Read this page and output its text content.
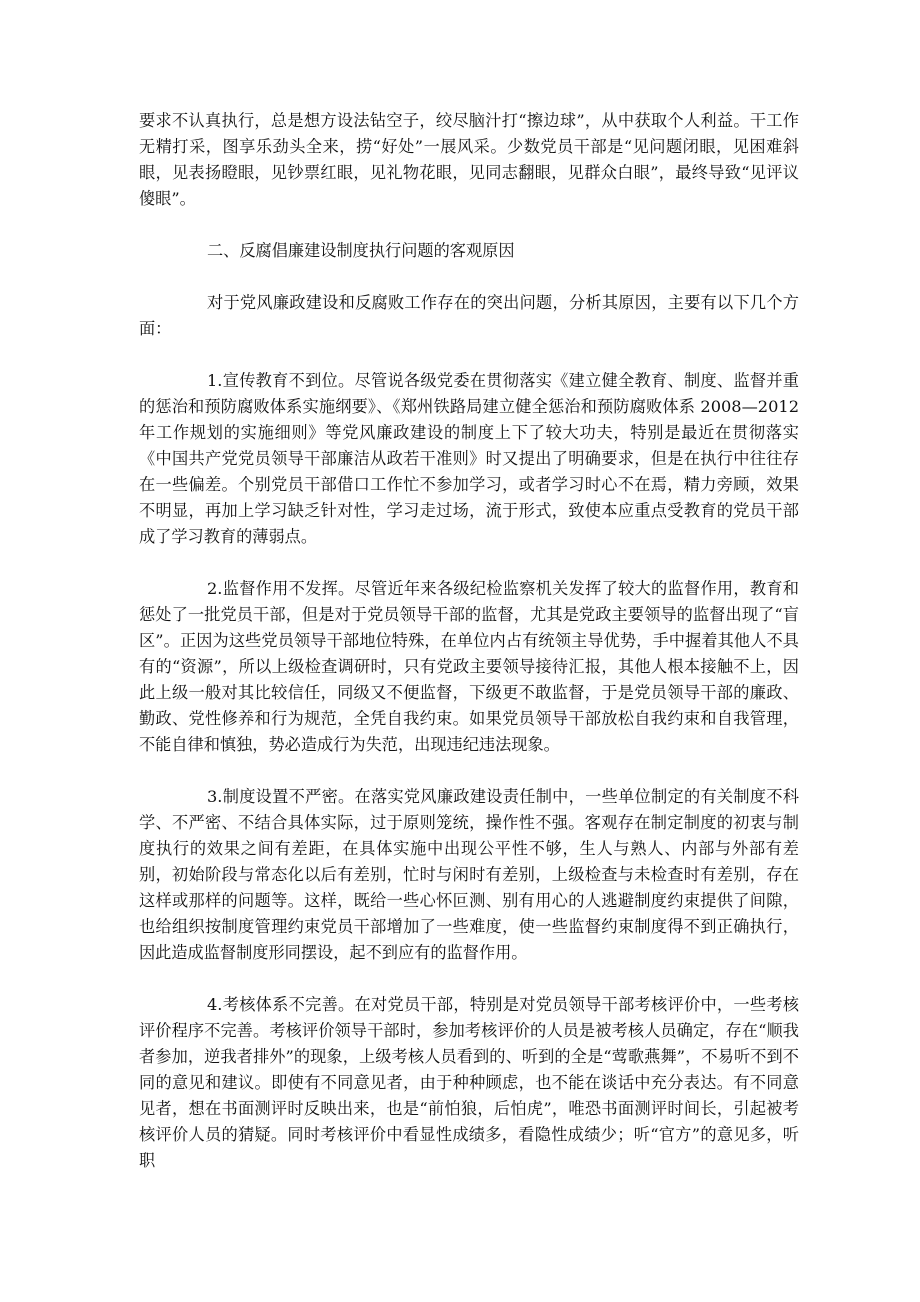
要求不认真执行，总是想方设法钻空子，绞尽脑汁打“擦边球”，从中获取个人利益。干工作无精打采，图享乐劲头全来，捞“好处”一展风采。少数党员干部是“见问题闭眼，见困难斜眼，见表扬瞪眼，见钞票红眼，见礼物花眼，见同志翻眼，见群众白眼”，最终导致“见评议傻眼”。

二、反腐倡廉建设制度执行问题的客观原因

对于党风廉政建设和反腐败工作存在的突出问题，分析其原因，主要有以下几个方面：

1.宣传教育不到位。尽管说各级党委在贯彻落实《建立健全教育、制度、监督并重的惩治和预防腐败体系实施纲要》、《郑州铁路局建立健全惩治和预防腐败体系 2008—2012 年工作规划的实施细则》等党风廉政建设的制度上下了较大功夫，特别是最近在贯彻落实《中国共产党党员领导干部廉洁从政若干准则》时又提出了明确要求，但是在执行中往往存在一些偏差。个别党员干部借口工作忙不参加学习，或者学习时心不在焉，精力旁顾，效果不明显，再加上学习缺乏针对性，学习走过场，流于形式，致使本应重点受教育的党员干部成了学习教育的薄弱点。

2.监督作用不发挥。尽管近年来各级纪检监察机关发挥了较大的监督作用，教育和惩处了一批党员干部，但是对于党员领导干部的监督，尤其是党政主要领导的监督出现了“盲区”。正因为这些党员领导干部地位特殊，在单位内占有统领主导优势，手中握着其他人不具有的“资源”，所以上级检查调研时，只有党政主要领导接待汇报，其他人根本接触不上，因此上级一般对其比较信任，同级又不便监督，下级更不敢监督，于是党员领导干部的廉政、勤政、党性修养和行为规范，全凭自我约束。如果党员领导干部放松自我约束和自我管理，不能自律和慎独，势必造成行为失范，出现违纪违法现象。

3.制度设置不严密。在落实党风廉政建设责任制中，一些单位制定的有关制度不科学、不严密、不结合具体实际，过于原则笼统，操作性不强。客观存在制定制度的初衷与制度执行的效果之间有差距，在具体实施中出现公平性不够，生人与熟人、内部与外部有差别，初始阶段与常态化以后有差别，忙时与闲时有差别，上级检查与未检查时有差别，存在这样或那样的问题等。这样，既给一些心怀叵测、别有用心的人逃避制度约束提供了间隙，也给组织按制度管理约束党员干部增加了一些难度，使一些监督约束制度得不到正确执行，因此造成监督制度形同摆设，起不到应有的监督作用。

4.考核体系不完善。在对党员干部，特别是对党员领导干部考核评价中，一些考核评价程序不完善。考核评价领导干部时，参加考核评价的人员是被考核人员确定，存在“顺我者参加，逆我者排外”的现象，上级考核人员看到的、听到的全是“莺歌燕舞”，不易听不到不同的意见和建议。即使有不同意见者，由于种种顾虑，也不能在谈话中充分表达。有不同意见者，想在书面测评时反映出来，也是“前怕狼，后怕虎”，唯恐书面测评时间长，引起被考核评价人员的猜疑。同时考核评价中看显性成绩多，看隐性成绩少；听“官方”的意见多，听职
